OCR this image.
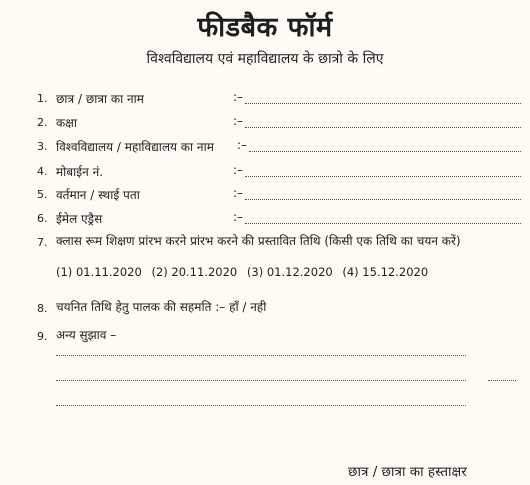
फीडबैक फॉर्म
विश्वविद्यालय एवं महाविद्यालय के छात्रो के लिए
1. छात्र / छात्रा का नाम	:–
2. कक्षा	:–
3. विश्वविद्यालय / महाविद्यालय का नाम :–
4. मोबाईन नं.	:–
5. वर्तमान / स्थाई पता	:–
6. ईमेल एड्रैस	:–
7. क्लास रूम शिक्षण प्रांरभ करने प्रांरभ करने की प्रस्तावित तिथि (किसी एक तिथि का चयन करें)
(1) 01.11.2020 (2) 20.11.2020 (3) 01.12.2020 (4) 15.12.2020
8. चयनित तिथि हेतु पालक की सहमति :– हॉं / नही
9. अन्य सुझाव –
छात्र / छात्रा का हस्ताक्षर
